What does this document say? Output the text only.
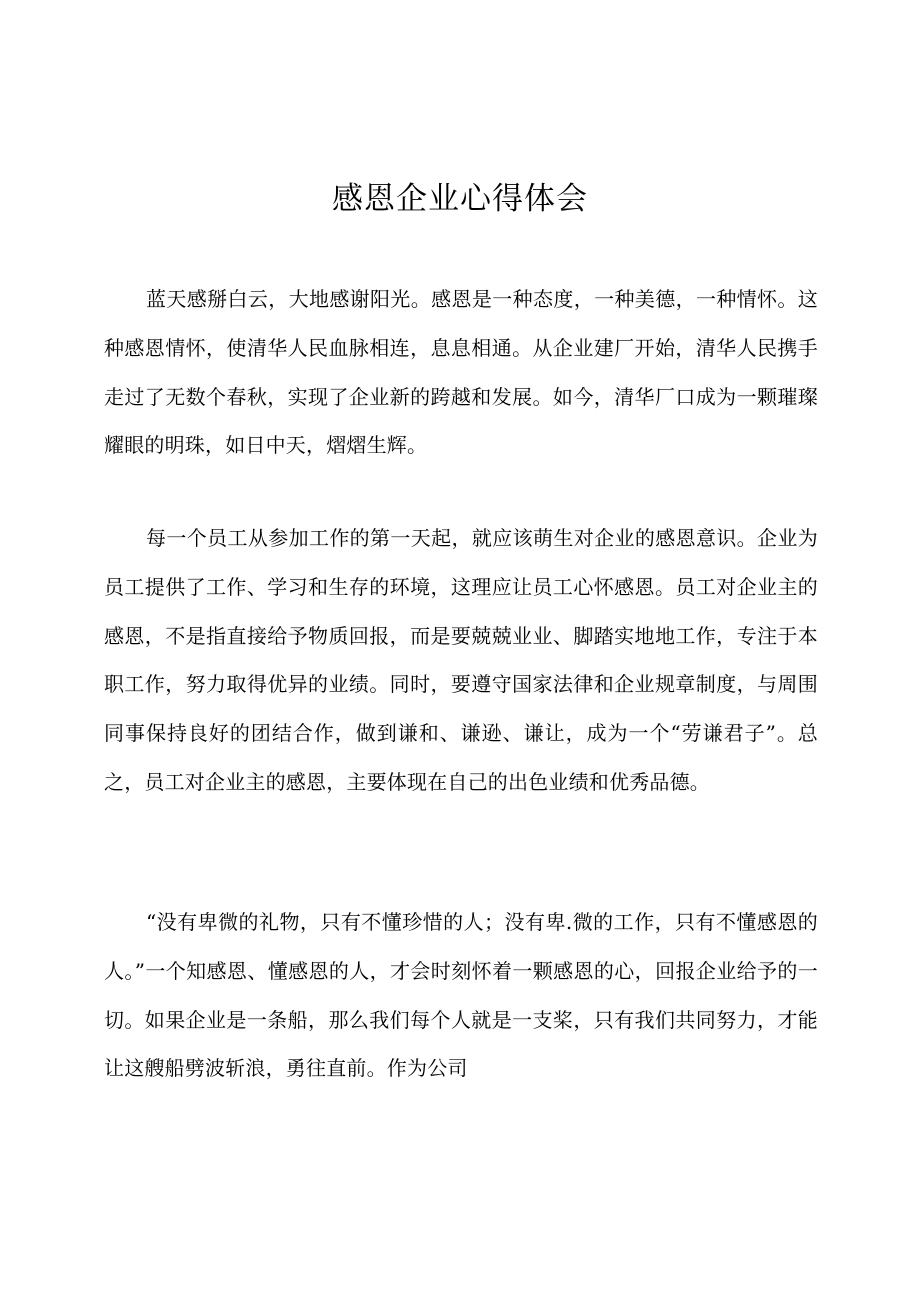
感恩企业心得体会

蓝天感掰白云，大地感谢阳光。感恩是一种态度，一种美德，一种情怀。这种感恩情怀，使清华人民血脉相连，息息相通。从企业建厂开始，清华人民携手走过了无数个春秋，实现了企业新的跨越和发展。如今，清华厂口成为一颗璀璨耀眼的明珠，如日中天，熠熠生辉。

每一个员工从参加工作的第一天起，就应该萌生对企业的感恩意识。企业为员工提供了工作、学习和生存的环境，这理应让员工心怀感恩。员工对企业主的感恩，不是指直接给予物质回报，而是要兢兢业业、脚踏实地地工作，专注于本职工作，努力取得优异的业绩。同时，要遵守国家法律和企业规章制度，与周围同事保持良好的团结合作，做到谦和、谦逊、谦让，成为一个“劳谦君子”。总之，员工对企业主的感恩，主要体现在自己的出色业绩和优秀品德。

“没有卑微的礼物，只有不懂珍惜的人；没有卑.微的工作，只有不懂感恩的人。”一个知感恩、懂感恩的人，才会时刻怀着一颗感恩的心，回报企业给予的一切。如果企业是一条船，那么我们每个人就是一支桨，只有我们共同努力，才能让这艘船劈波斩浪，勇往直前。作为公司
